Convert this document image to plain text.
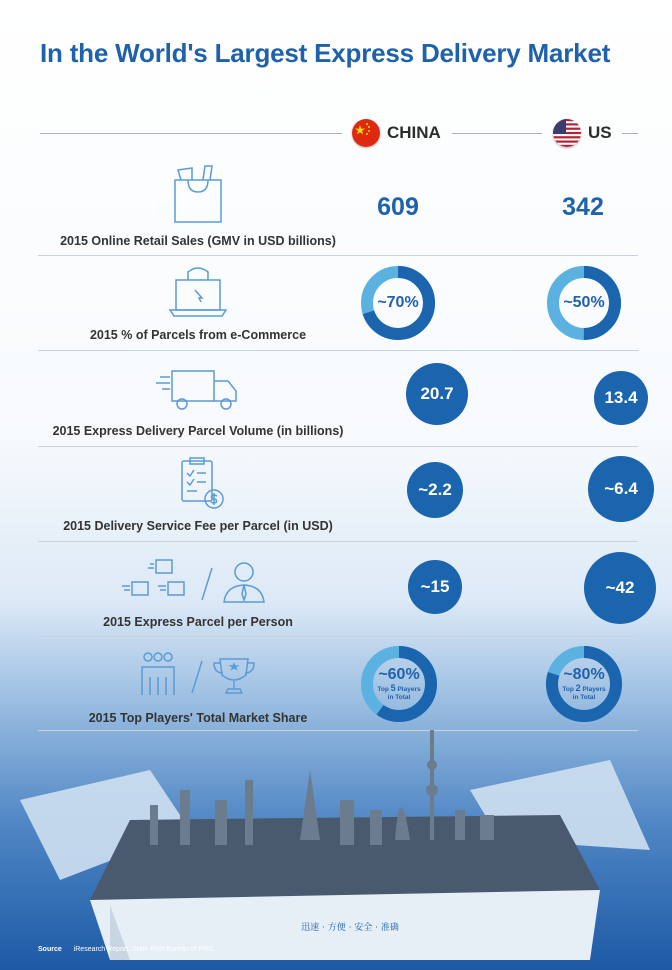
In the World's Largest Express Delivery Market
CHINA	US
2015 Online Retail Sales (GMV in USD billions)
609	342
2015 % of Parcels from e-Commerce
~70%	~50%
2015 Express Delivery Parcel Volume (in billions)
20.7	13.4
2015 Delivery Service Fee per Parcel (in USD)
~2.2	~6.4
2015 Express Parcel per Person
~15	~42
2015 Top Players' Total Market Share
~60%
Top 5 Players
in Total
~80%
Top 2 Players
in Total
迅速 · 方便 · 安全 · 准确
Source iResearch Report, State Post Bureau of PRC
